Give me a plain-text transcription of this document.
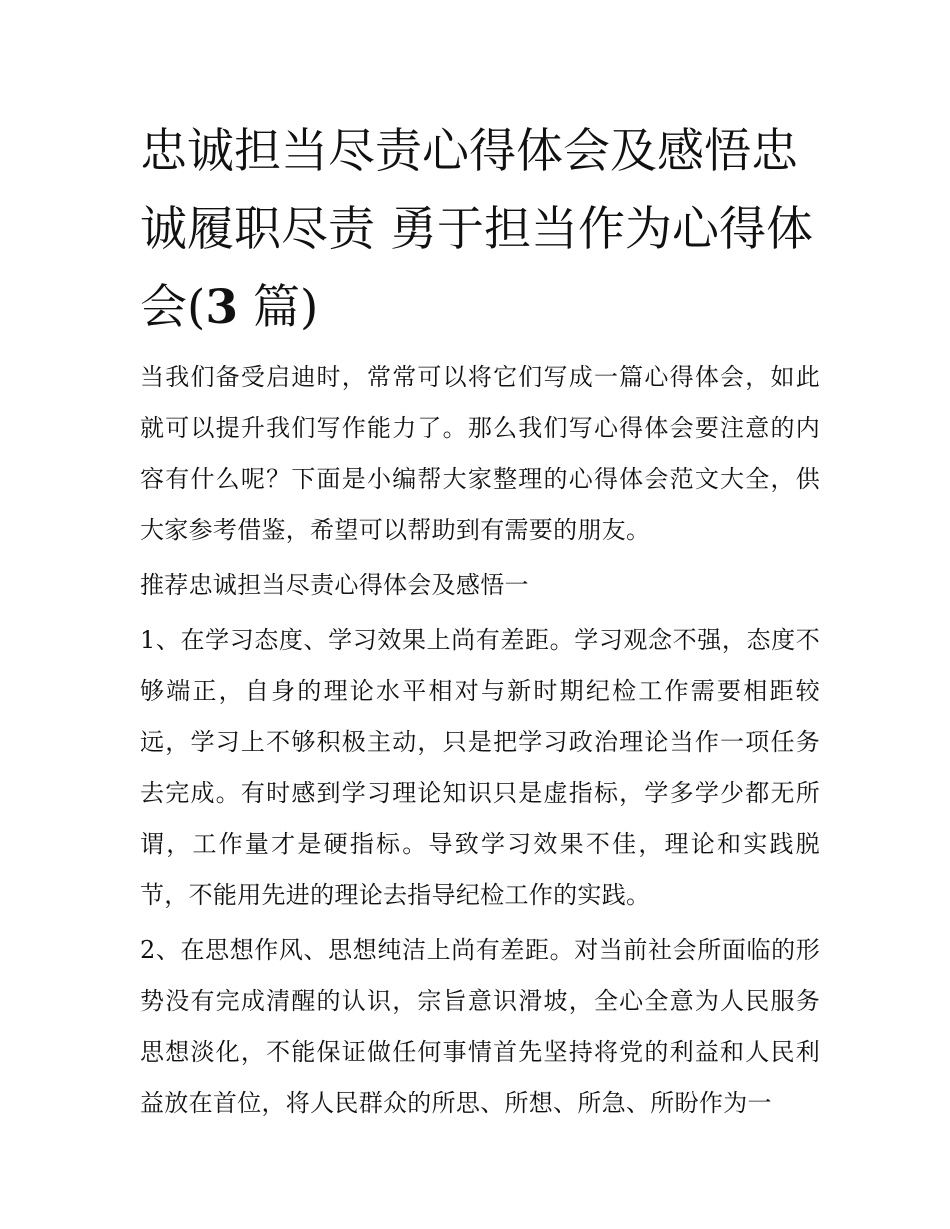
忠诚担当尽责心得体会及感悟忠诚履职尽责 勇于担当作为心得体会(3 篇)

当我们备受启迪时，常常可以将它们写成一篇心得体会，如此就可以提升我们写作能力了。那么我们写心得体会要注意的内容有什么呢？下面是小编帮大家整理的心得体会范文大全，供大家参考借鉴，希望可以帮助到有需要的朋友。

推荐忠诚担当尽责心得体会及感悟一

1、在学习态度、学习效果上尚有差距。学习观念不强，态度不够端正，自身的理论水平相对与新时期纪检工作需要相距较远，学习上不够积极主动，只是把学习政治理论当作一项任务去完成。有时感到学习理论知识只是虚指标，学多学少都无所谓，工作量才是硬指标。导致学习效果不佳，理论和实践脱节，不能用先进的理论去指导纪检工作的实践。

2、在思想作风、思想纯洁上尚有差距。对当前社会所面临的形势没有完成清醒的认识，宗旨意识滑坡，全心全意为人民服务思想淡化，不能保证做任何事情首先坚持将党的利益和人民利益放在首位，将人民群众的所思、所想、所急、所盼作为一
